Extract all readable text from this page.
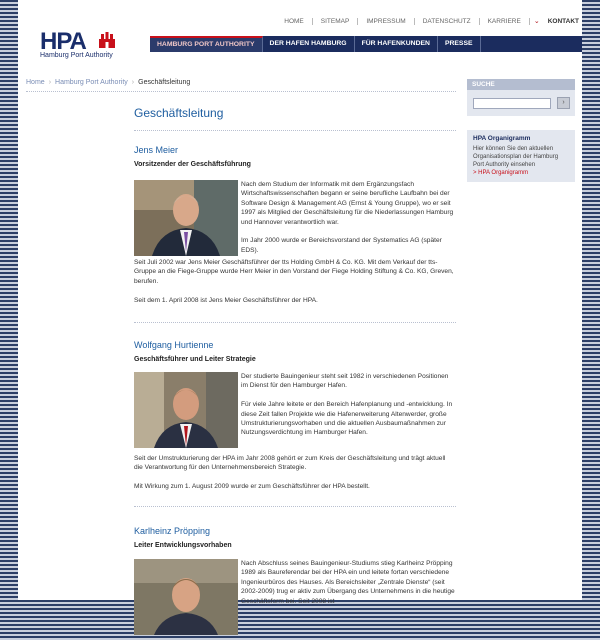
HPA
Hamburg Port Authority
HOME	SITEMAP	IMPRESSUM	DATENSCHUTZ	KARRIERE	⌄	KONTAKT
HAMBURG PORT AUTHORITY	DER HAFEN HAMBURG	FÜR HAFENKUNDEN	PRESSE
Home › Hamburg Port Authority › Geschäftsleitung
Geschäftsleitung
Jens Meier
Vorsitzender der Geschäftsführung
Nach dem Studium der Informatik mit dem Ergänzungsfach Wirtschaftswissenschaften begann er seine berufliche Laufbahn bei der Software Design & Management AG (Ernst & Young Gruppe), wo er seit 1997 als Mitglied der Geschäftsleitung für die Niederlassungen Hamburg und Hannover verantwortlich war.
Im Jahr 2000 wurde er Bereichsvorstand der Systematics AG (später EDS).
Seit Juli 2002 war Jens Meier Geschäftsführer der tts Holding GmbH & Co. KG. Mit dem Verkauf der tts-Gruppe an die Fiege-Gruppe wurde Herr Meier in den Vorstand der Fiege Holding Stiftung & Co. KG, Greven, berufen.
Seit dem 1. April 2008 ist Jens Meier Geschäftsführer der HPA.
Wolfgang Hurtienne
Geschäftsführer und Leiter Strategie
Der studierte Bauingenieur steht seit 1982 in verschiedenen Positionen im Dienst für den Hamburger Hafen.
Für viele Jahre leitete er den Bereich Hafenplanung und -entwicklung. In diese Zeit fallen Projekte wie die Hafenerweiterung Altenwerder, große Umstrukturierungsvorhaben und die aktuellen Ausbaumaßnahmen zur Nutzungsverdichtung im Hamburger Hafen.
Seit der Umstrukturierung der HPA im Jahr 2008 gehört er zum Kreis der Geschäftsleitung und trägt aktuell die Verantwortung für den Unternehmensbereich Strategie.
Mit Wirkung zum 1. August 2009 wurde er zum Geschäftsführer der HPA bestellt.
Karlheinz Pröpping
Leiter Entwicklungsvorhaben
Nach Abschluss seines Bauingenieur-Studiums stieg Karlheinz Pröpping 1989 als Baureferendar bei der HPA ein und leitete fortan verschiedene Ingenieurbüros des Hauses. Als Bereichsleiter „Zentrale Dienste“ (seit 2002-2009) trug er aktiv zum Übergang des Unternehmens in die heutige Geschäftsform bei. Seit 2008 ist
SUCHE
›
HPA Organigramm
Hier können Sie den aktuellen Organisationsplan der Hamburg Port Authority einsehen
> HPA Organigramm
